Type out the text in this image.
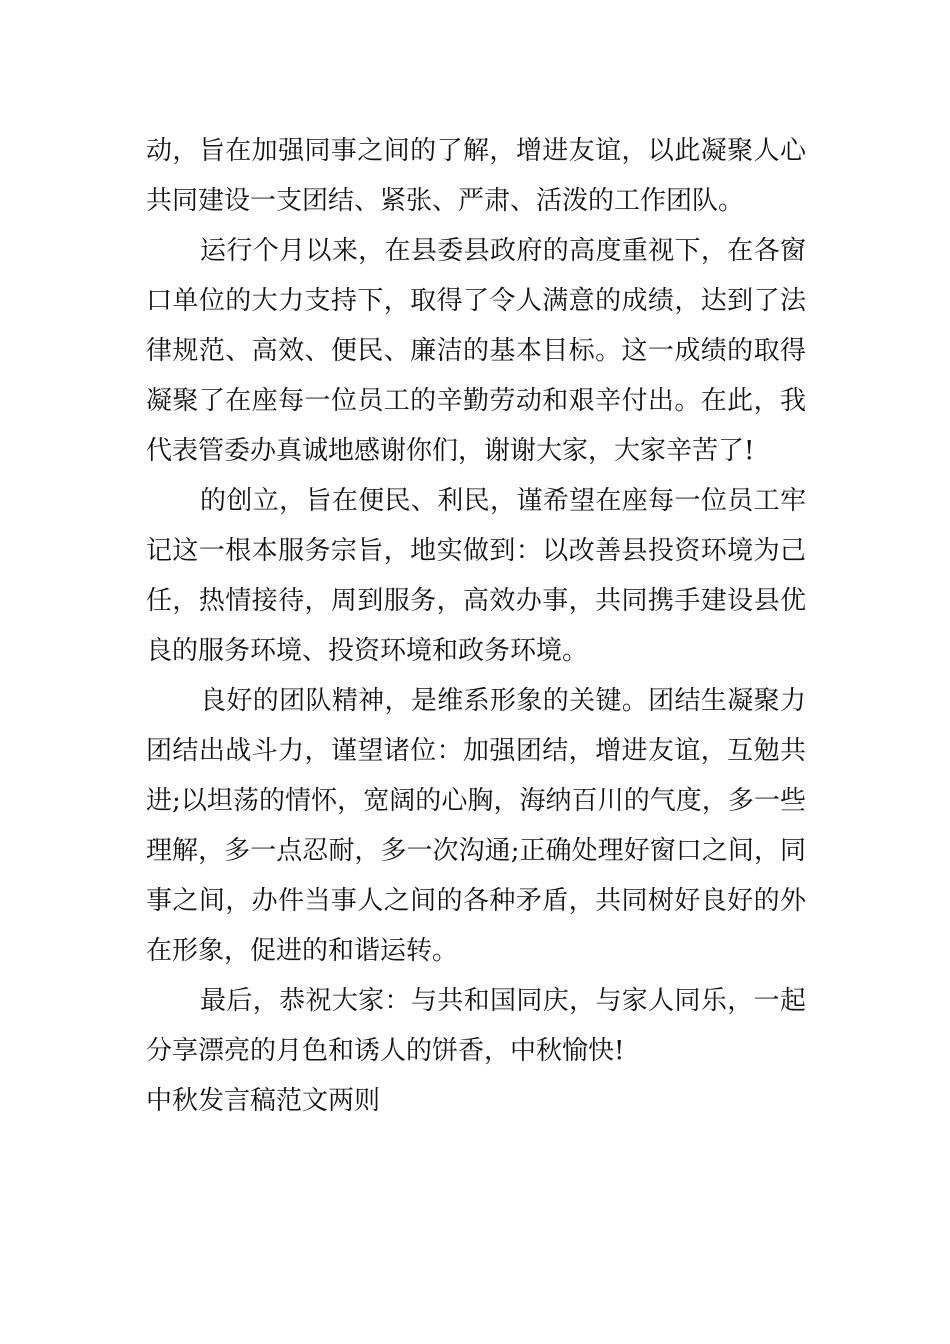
动，旨在加强同事之间的了解，增进友谊，以此凝聚人心
共同建设一支团结、紧张、严肃、活泼的工作团队。
运行个月以来，在县委县政府的高度重视下，在各窗
口单位的大力支持下，取得了令人满意的成绩，达到了法
律规范、高效、便民、廉洁的基本目标。这一成绩的取得
凝聚了在座每一位员工的辛勤劳动和艰辛付出。在此，我
代表管委办真诚地感谢你们，谢谢大家，大家辛苦了!
的创立，旨在便民、利民，谨希望在座每一位员工牢
记这一根本服务宗旨，地实做到：以改善县投资环境为己
任，热情接待，周到服务，高效办事，共同携手建设县优
良的服务环境、投资环境和政务环境。
良好的团队精神，是维系形象的关键。团结生凝聚力
团结出战斗力，谨望诸位：加强团结，增进友谊，互勉共
进;以坦荡的情怀，宽阔的心胸，海纳百川的气度，多一些
理解，多一点忍耐，多一次沟通;正确处理好窗口之间，同
事之间，办件当事人之间的各种矛盾，共同树好良好的外
在形象，促进的和谐运转。
最后，恭祝大家：与共和国同庆，与家人同乐，一起
分享漂亮的月色和诱人的饼香，中秋愉快!
中秋发言稿范文两则
